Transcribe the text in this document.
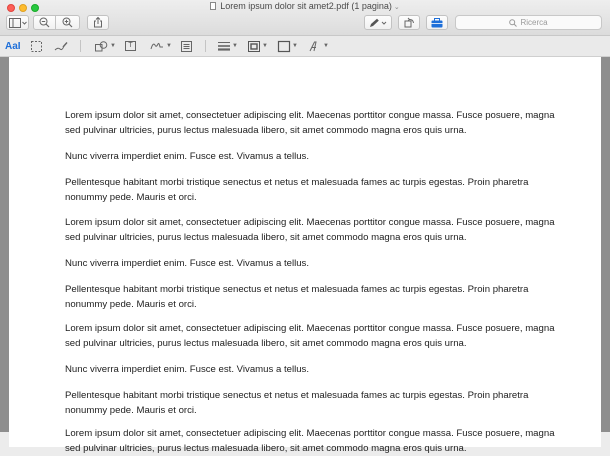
Lorem ipsum dolor sit amet2.pdf (1 pagina) ⌄
Ricerca
AaI	▼	T	▼	▼	▼	▼	▼

Lorem ipsum dolor sit amet, consectetuer adipiscing elit. Maecenas porttitor congue massa. Fusce posuere, magna sed pulvinar ultricies, purus lectus malesuada libero, sit amet commodo magna eros quis urna.

Nunc viverra imperdiet enim. Fusce est. Vivamus a tellus.

Pellentesque habitant morbi tristique senectus et netus et malesuada fames ac turpis egestas. Proin pharetra nonummy pede. Mauris et orci.

Lorem ipsum dolor sit amet, consectetuer adipiscing elit. Maecenas porttitor congue massa. Fusce posuere, magna sed pulvinar ultricies, purus lectus malesuada libero, sit amet commodo magna eros quis urna.

Nunc viverra imperdiet enim. Fusce est. Vivamus a tellus.

Pellentesque habitant morbi tristique senectus et netus et malesuada fames ac turpis egestas. Proin pharetra nonummy pede. Mauris et orci.

Lorem ipsum dolor sit amet, consectetuer adipiscing elit. Maecenas porttitor congue massa. Fusce posuere, magna sed pulvinar ultricies, purus lectus malesuada libero, sit amet commodo magna eros quis urna.

Nunc viverra imperdiet enim. Fusce est. Vivamus a tellus.

Pellentesque habitant morbi tristique senectus et netus et malesuada fames ac turpis egestas. Proin pharetra nonummy pede. Mauris et orci.

Lorem ipsum dolor sit amet, consectetuer adipiscing elit. Maecenas porttitor congue massa. Fusce posuere, magna sed pulvinar ultricies, purus lectus malesuada libero, sit amet commodo magna eros quis urna.
